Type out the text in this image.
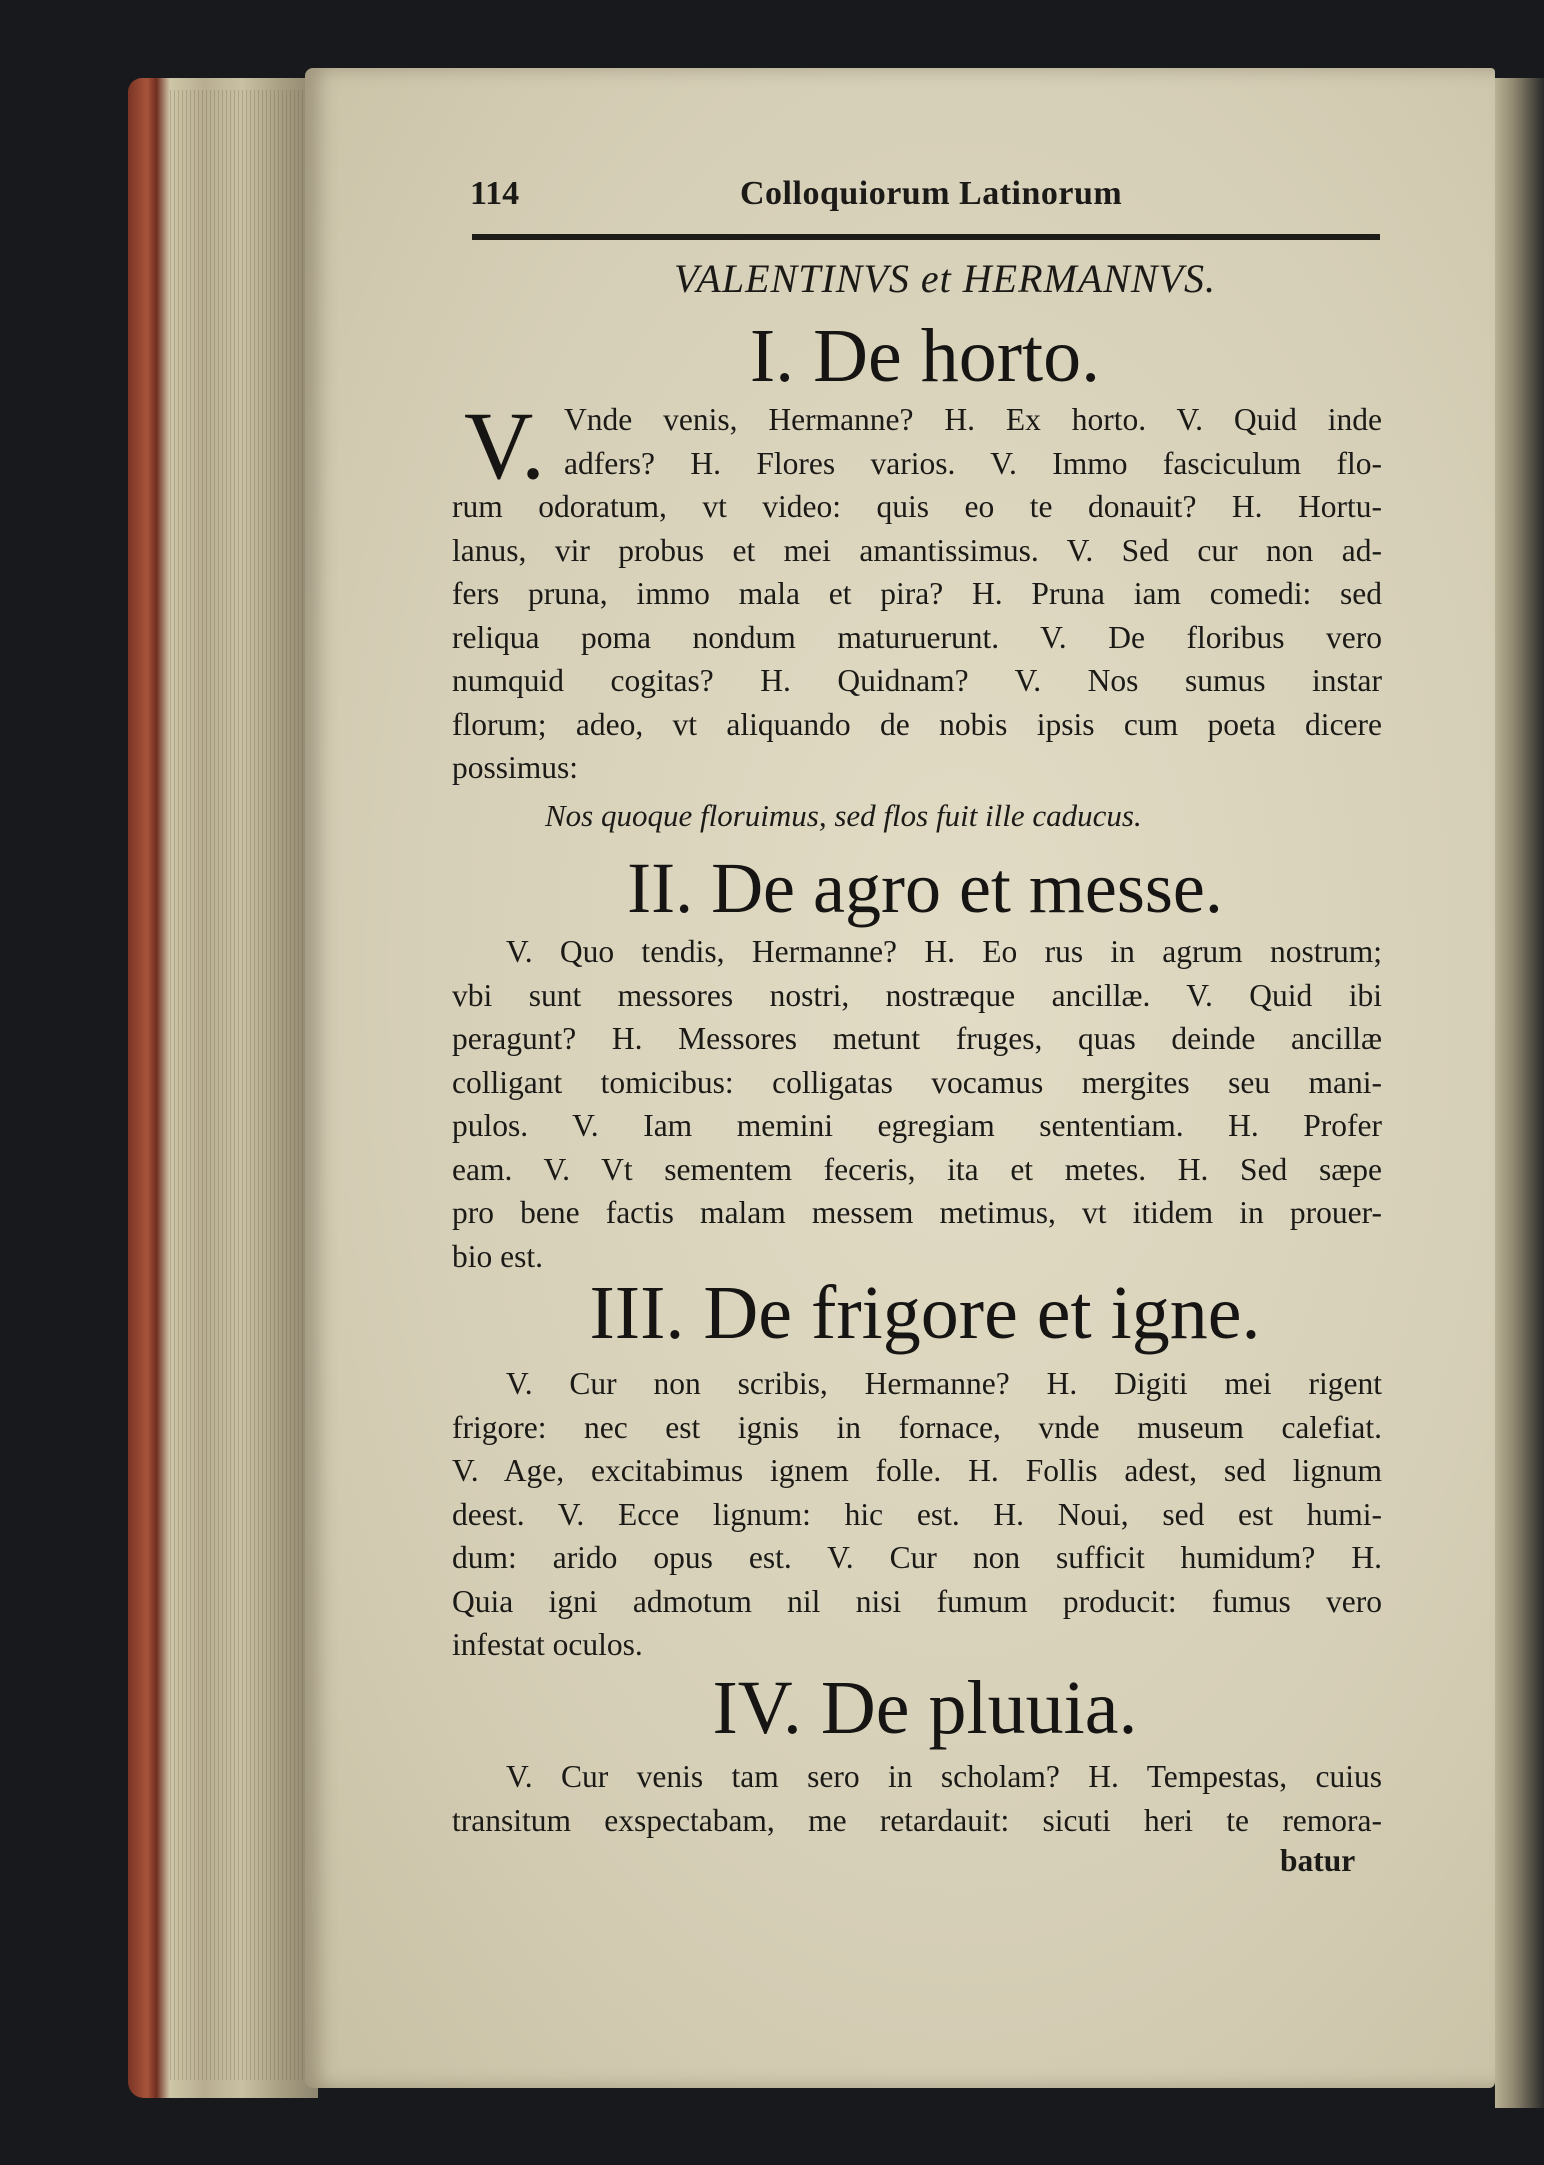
114	Colloquiorum Latinorum
VALENTINVS et HERMANNVS.
I. De horto.
V. Vnde venis, Hermanne? H. Ex horto. V. Quid inde
adfers? H. Flores varios. V. Immo fasciculum flo-
rum odoratum, vt video: quis eo te donauit? H. Hortu-
lanus, vir probus et mei amantissimus. V. Sed cur non ad-
fers pruna, immo mala et pira? H. Pruna iam comedi: sed
reliqua poma nondum maturuerunt. V. De floribus vero
numquid cogitas? H. Quidnam? V. Nos sumus instar
florum; adeo, vt aliquando de nobis ipsis cum poeta dicere
possimus:
Nos quoque floruimus, sed flos fuit ille caducus.
II. De agro et messe.
V. Quo tendis, Hermanne? H. Eo rus in agrum nostrum;
vbi sunt messores nostri, nostræque ancillæ. V. Quid ibi
peragunt? H. Messores metunt fruges, quas deinde ancillæ
colligant tomicibus: colligatas vocamus mergites seu mani-
pulos. V. Iam memini egregiam sententiam. H. Profer
eam. V. Vt sementem feceris, ita et metes. H. Sed sæpe
pro bene factis malam messem metimus, vt itidem in prouer-
bio est.
III. De frigore et igne.
V. Cur non scribis, Hermanne? H. Digiti mei rigent
frigore: nec est ignis in fornace, vnde museum calefiat.
V. Age, excitabimus ignem folle. H. Follis adest, sed lignum
deest. V. Ecce lignum: hic est. H. Noui, sed est humi-
dum: arido opus est. V. Cur non sufficit humidum? H.
Quia igni admotum nil nisi fumum producit: fumus vero
infestat oculos.
IV. De pluuia.
V. Cur venis tam sero in scholam? H. Tempestas, cuius
transitum exspectabam, me retardauit: sicuti heri te remora-
batur
